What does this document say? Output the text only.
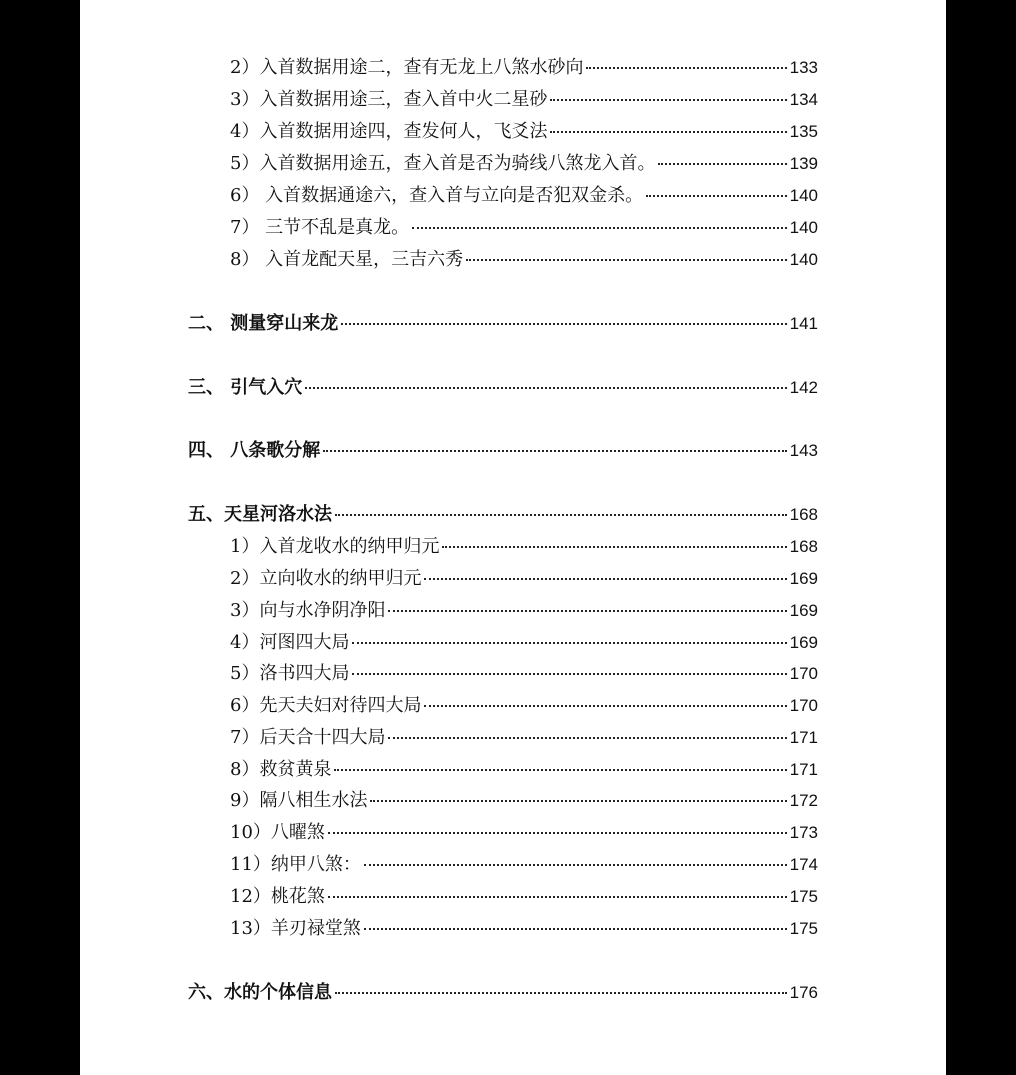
2）入首数据用途二，查有无龙上八煞水砂向	133
3）入首数据用途三，查入首中火二星砂	134
4）入首数据用途四，查发何人，飞爻法	135
5）入首数据用途五，查入首是否为骑线八煞龙入首。	139
6） 入首数据通途六，查入首与立向是否犯双金杀。	140
7） 三节不乱是真龙。	140
8） 入首龙配天星，三吉六秀	140
二、 测量穿山来龙	141
三、 引气入穴	142
四、 八条歌分解	143
五、天星河洛水法	168
1）入首龙收水的纳甲归元	168
2）立向收水的纳甲归元	169
3）向与水净阴净阳	169
4）河图四大局	169
5）洛书四大局	170
6）先天夫妇对待四大局	170
7）后天合十四大局	171
8）救贫黄泉	171
9）隔八相生水法	172
10）八曜煞	173
11）纳甲八煞：	174
12）桃花煞	175
13）羊刃禄堂煞	175
六、水的个体信息	176
